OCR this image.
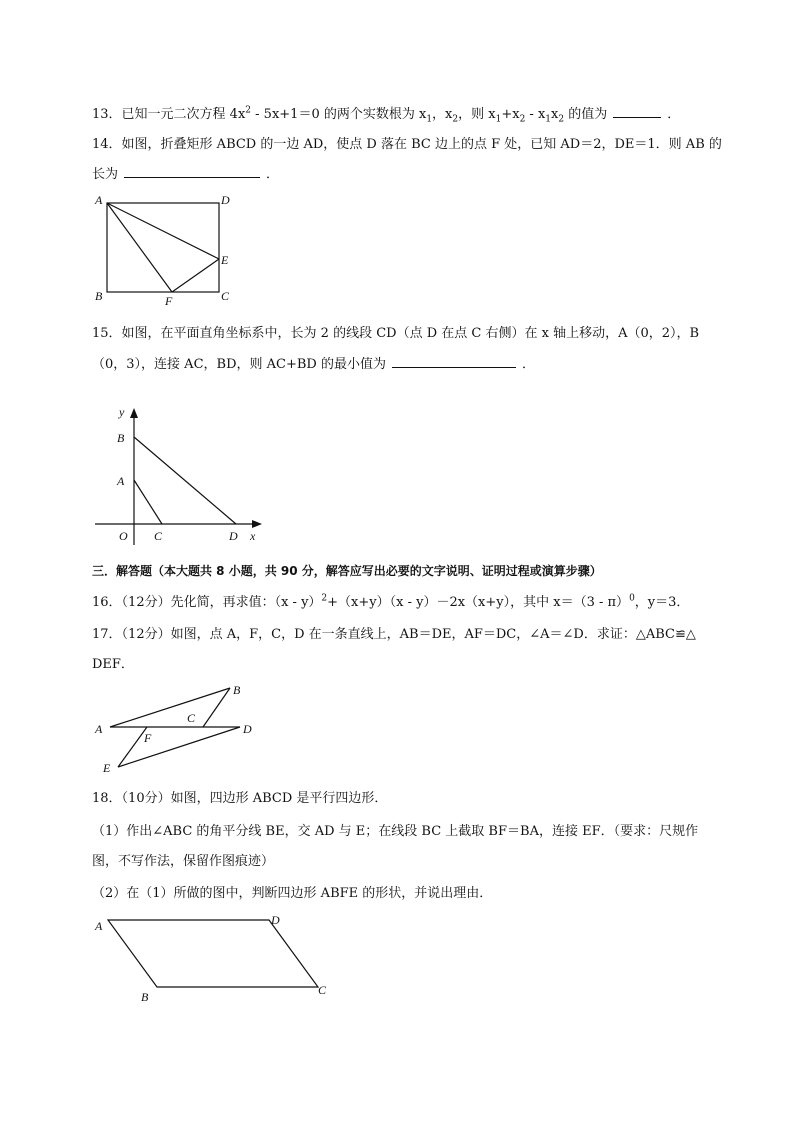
13．已知一元二次方程 $4x^2 - 5x+1=0$ 的两个实数根为 $x_1$，$x_2$，则 $x_1+x_2 - x_1x_2$ 的值为	．
14．如图，折叠矩形 ABCD 的一边 AD，使点 D 落在 BC 边上的点 F 处，已知 AD＝2，DE＝1．则 AB 的
长为	．
A	D
E
B	F	C
15．如图，在平面直角坐标系中，长为 2 的线段 CD（点 D 在点 C 右侧）在 x 轴上移动，A（0，2），B
（0，3），连接 AC，BD，则 AC+BD 的最小值为	．
y
B
A
O C	D x
三．解答题（本大题共 8 小题，共 90 分，解答应写出必要的文字说明、证明过程或演算步骤）
16．（12分）先化简，再求值：（x - y）$^2$+（x+y）（x - y）－2x（x+y），其中 x＝（3 - π）$^0$，y＝3．
17．（12分）如图，点 A，F，C，D 在一条直线上，AB＝DE，AF＝DC，∠A＝∠D．求证：△ABC≌△
DEF．
B
C
A
F
D
E
18．（10分）如图，四边形 ABCD 是平行四边形．
（1）作出∠ABC 的角平分线 BE，交 AD 与 E；在线段 BC 上截取 BF＝BA，连接 EF．（要求：尺规作
图，不写作法，保留作图痕迹）
（2）在（1）所做的图中，判断四边形 ABFE 的形状，并说出理由．
A	D
B	C
